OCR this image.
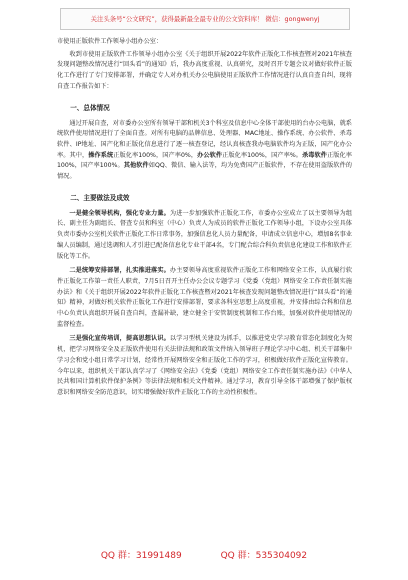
关注头条号“公文研究”，获得最新最全最专业的公文资料库！ 微信：gongwenyj

市使用正版软件工作领导小组办公室：

收到市使用正版软件工作领导小组办公室《关于组织开展2022年软件正版化工作核查暨对2021年核查发现问题整改情况进行“回头看”的通知》后，我办高度重视、认真研究，及时召开专题会议对做好软件正版化工作进行了专门安排部署，并确定专人对办机关办公电脑使用正版软件工作情况进行认真自查自纠，现将自查工作报告如下：

一、总体情况

通过开展自查，对市委办公室所有领导干部和机关3个科室及信息中心全体干部使用的台办公电脑，就系统软件使用情况进行了全面自查。对所有电脑的品牌信息、处理器、MAC地址、操作系统、办公软件、杀毒软件、IP地址、国产化和正版化信息进行了逐一核查登记，经认真核查我办电脑软件均为正版，国产化办公率。其中，操作系统正版化率100%，国产率0%，办公软件正版化率100%，国产率%。杀毒软件正版化率100%，国产率100%。其他软件如QQ、微信、输入法等，均为免费国产正版软件，不存在使用盗版软件的情况。

二、主要做法及成效

一是健全领导机构，强化专业力量。为进一步加强软件正版化工作，市委办公室成立了以主要领导为组长、副主任为副组长、督查专员和科室（中心）负责人为成员的软件正版化工作领导小组，下设办公室具体负责市委办公室机关软件正版化工作日常事务，加强信息化人员力量配备，申请成立信息中心，增加8名事业编人员编制，通过选调和人才引进已配备信息化专业干部4名，专门配合综合科负责信息化建设工作和软件正版化等工作。

二是统筹安排部署，扎实推进落实。办主要领导高度重视软件正版化工作和网络安全工作，认真履行软件正版化工作第一责任人职责，7月5日召开主任办公会议专题学习《党委（党组）网络安全工作责任制实施办法》和《关于组织开展2022年软件正版化工作核查暨对2021年核查发现问题整改情况进行“回头看”的通知》精神，对做好机关软件正版化工作进行安排部署，要求各科室思想上高度重视，并安排由综合科和信息中心负责认真组织开展自查自纠，查漏补缺，建立健全于安管制度机制和工作台账，加强对软件使用情况的监督检查。

三是强化宣传培训，提高思想认识。以学习型机关建设为抓手，以推进党史学习教育常态化制度化为契机，把学习网络安全及正版软件使用有关法律法规和政策文件纳入领导班子理论学习中心组、机关干部集中学习会和党小组日常学习计划，经常性开展网络安全和正版化工作的学习，积极做好软件正版化宣传教育。今年以来，组织机关干部认真学习了《网络安全法》《党委（党组）网络安全工作责任制实施办法》《中华人民共和国计算机软件保护条例》等法律法规和相关文件精神。通过学习，教育引导全体干部增强了保护版权意识和网络安全防范意识，切实增强做好软件正版化工作的主动性积极性。

QQ 群：31991489	QQ 群：535304092
